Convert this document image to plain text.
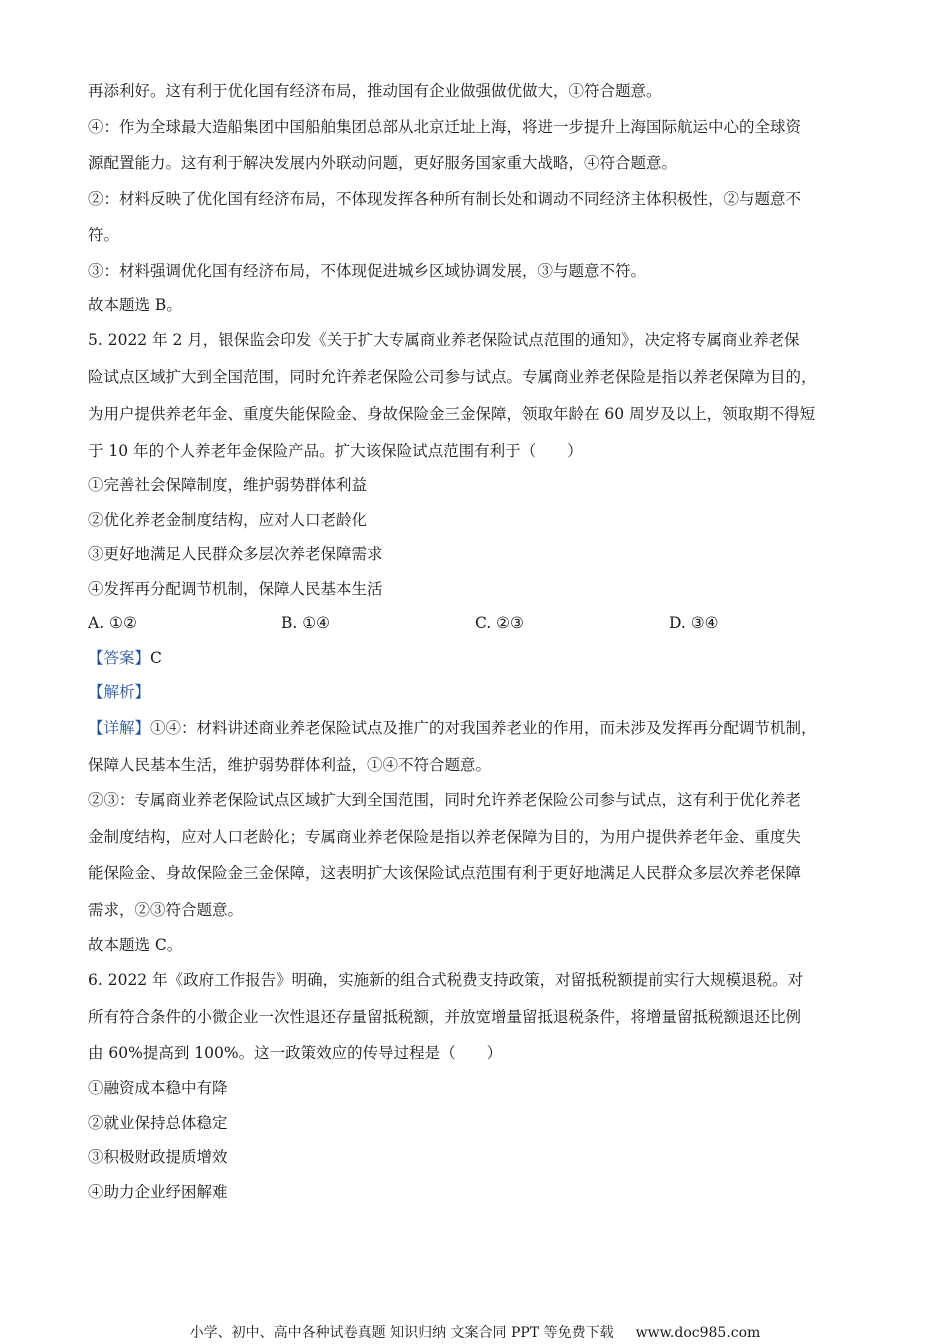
再添利好。这有利于优化国有经济布局，推动国有企业做强做优做大，①符合题意。
④：作为全球最大造船集团中国船舶集团总部从北京迁址上海，将进一步提升上海国际航运中心的全球资
源配置能力。这有利于解决发展内外联动问题，更好服务国家重大战略，④符合题意。
②：材料反映了优化国有经济布局，不体现发挥各种所有制长处和调动不同经济主体积极性，②与题意不
符。
③：材料强调优化国有经济布局，不体现促进城乡区域协调发展，③与题意不符。
故本题选 B。
5. 2022 年 2 月，银保监会印发《关于扩大专属商业养老保险试点范围的通知》，决定将专属商业养老保
险试点区域扩大到全国范围，同时允许养老保险公司参与试点。专属商业养老保险是指以养老保障为目的，
为用户提供养老年金、重度失能保险金、身故保险金三金保障，领取年龄在 60 周岁及以上，领取期不得短
于 10 年的个人养老年金保险产品。扩大该保险试点范围有利于（　　）
①完善社会保障制度，维护弱势群体利益
②优化养老金制度结构，应对人口老龄化
③更好地满足人民群众多层次养老保障需求
④发挥再分配调节机制，保障人民基本生活
A. ①②	B. ①④	C. ②③	D. ③④
【答案】C
【解析】
【详解】①④：材料讲述商业养老保险试点及推广的对我国养老业的作用，而未涉及发挥再分配调节机制，
保障人民基本生活，维护弱势群体利益，①④不符合题意。
②③：专属商业养老保险试点区域扩大到全国范围，同时允许养老保险公司参与试点，这有利于优化养老
金制度结构，应对人口老龄化；专属商业养老保险是指以养老保障为目的，为用户提供养老年金、重度失
能保险金、身故保险金三金保障，这表明扩大该保险试点范围有利于更好地满足人民群众多层次养老保障
需求，②③符合题意。
故本题选 C。
6. 2022 年《政府工作报告》明确，实施新的组合式税费支持政策，对留抵税额提前实行大规模退税。对
所有符合条件的小微企业一次性退还存量留抵税额，并放宽增量留抵退税条件，将增量留抵税额退还比例
由 60%提高到 100%。这一政策效应的传导过程是（　　）
①融资成本稳中有降
②就业保持总体稳定
③积极财政提质增效
④助力企业纾困解难
小学、初中、高中各种试卷真题 知识归纳 文案合同 PPT 等免费下载 www.doc985.com
